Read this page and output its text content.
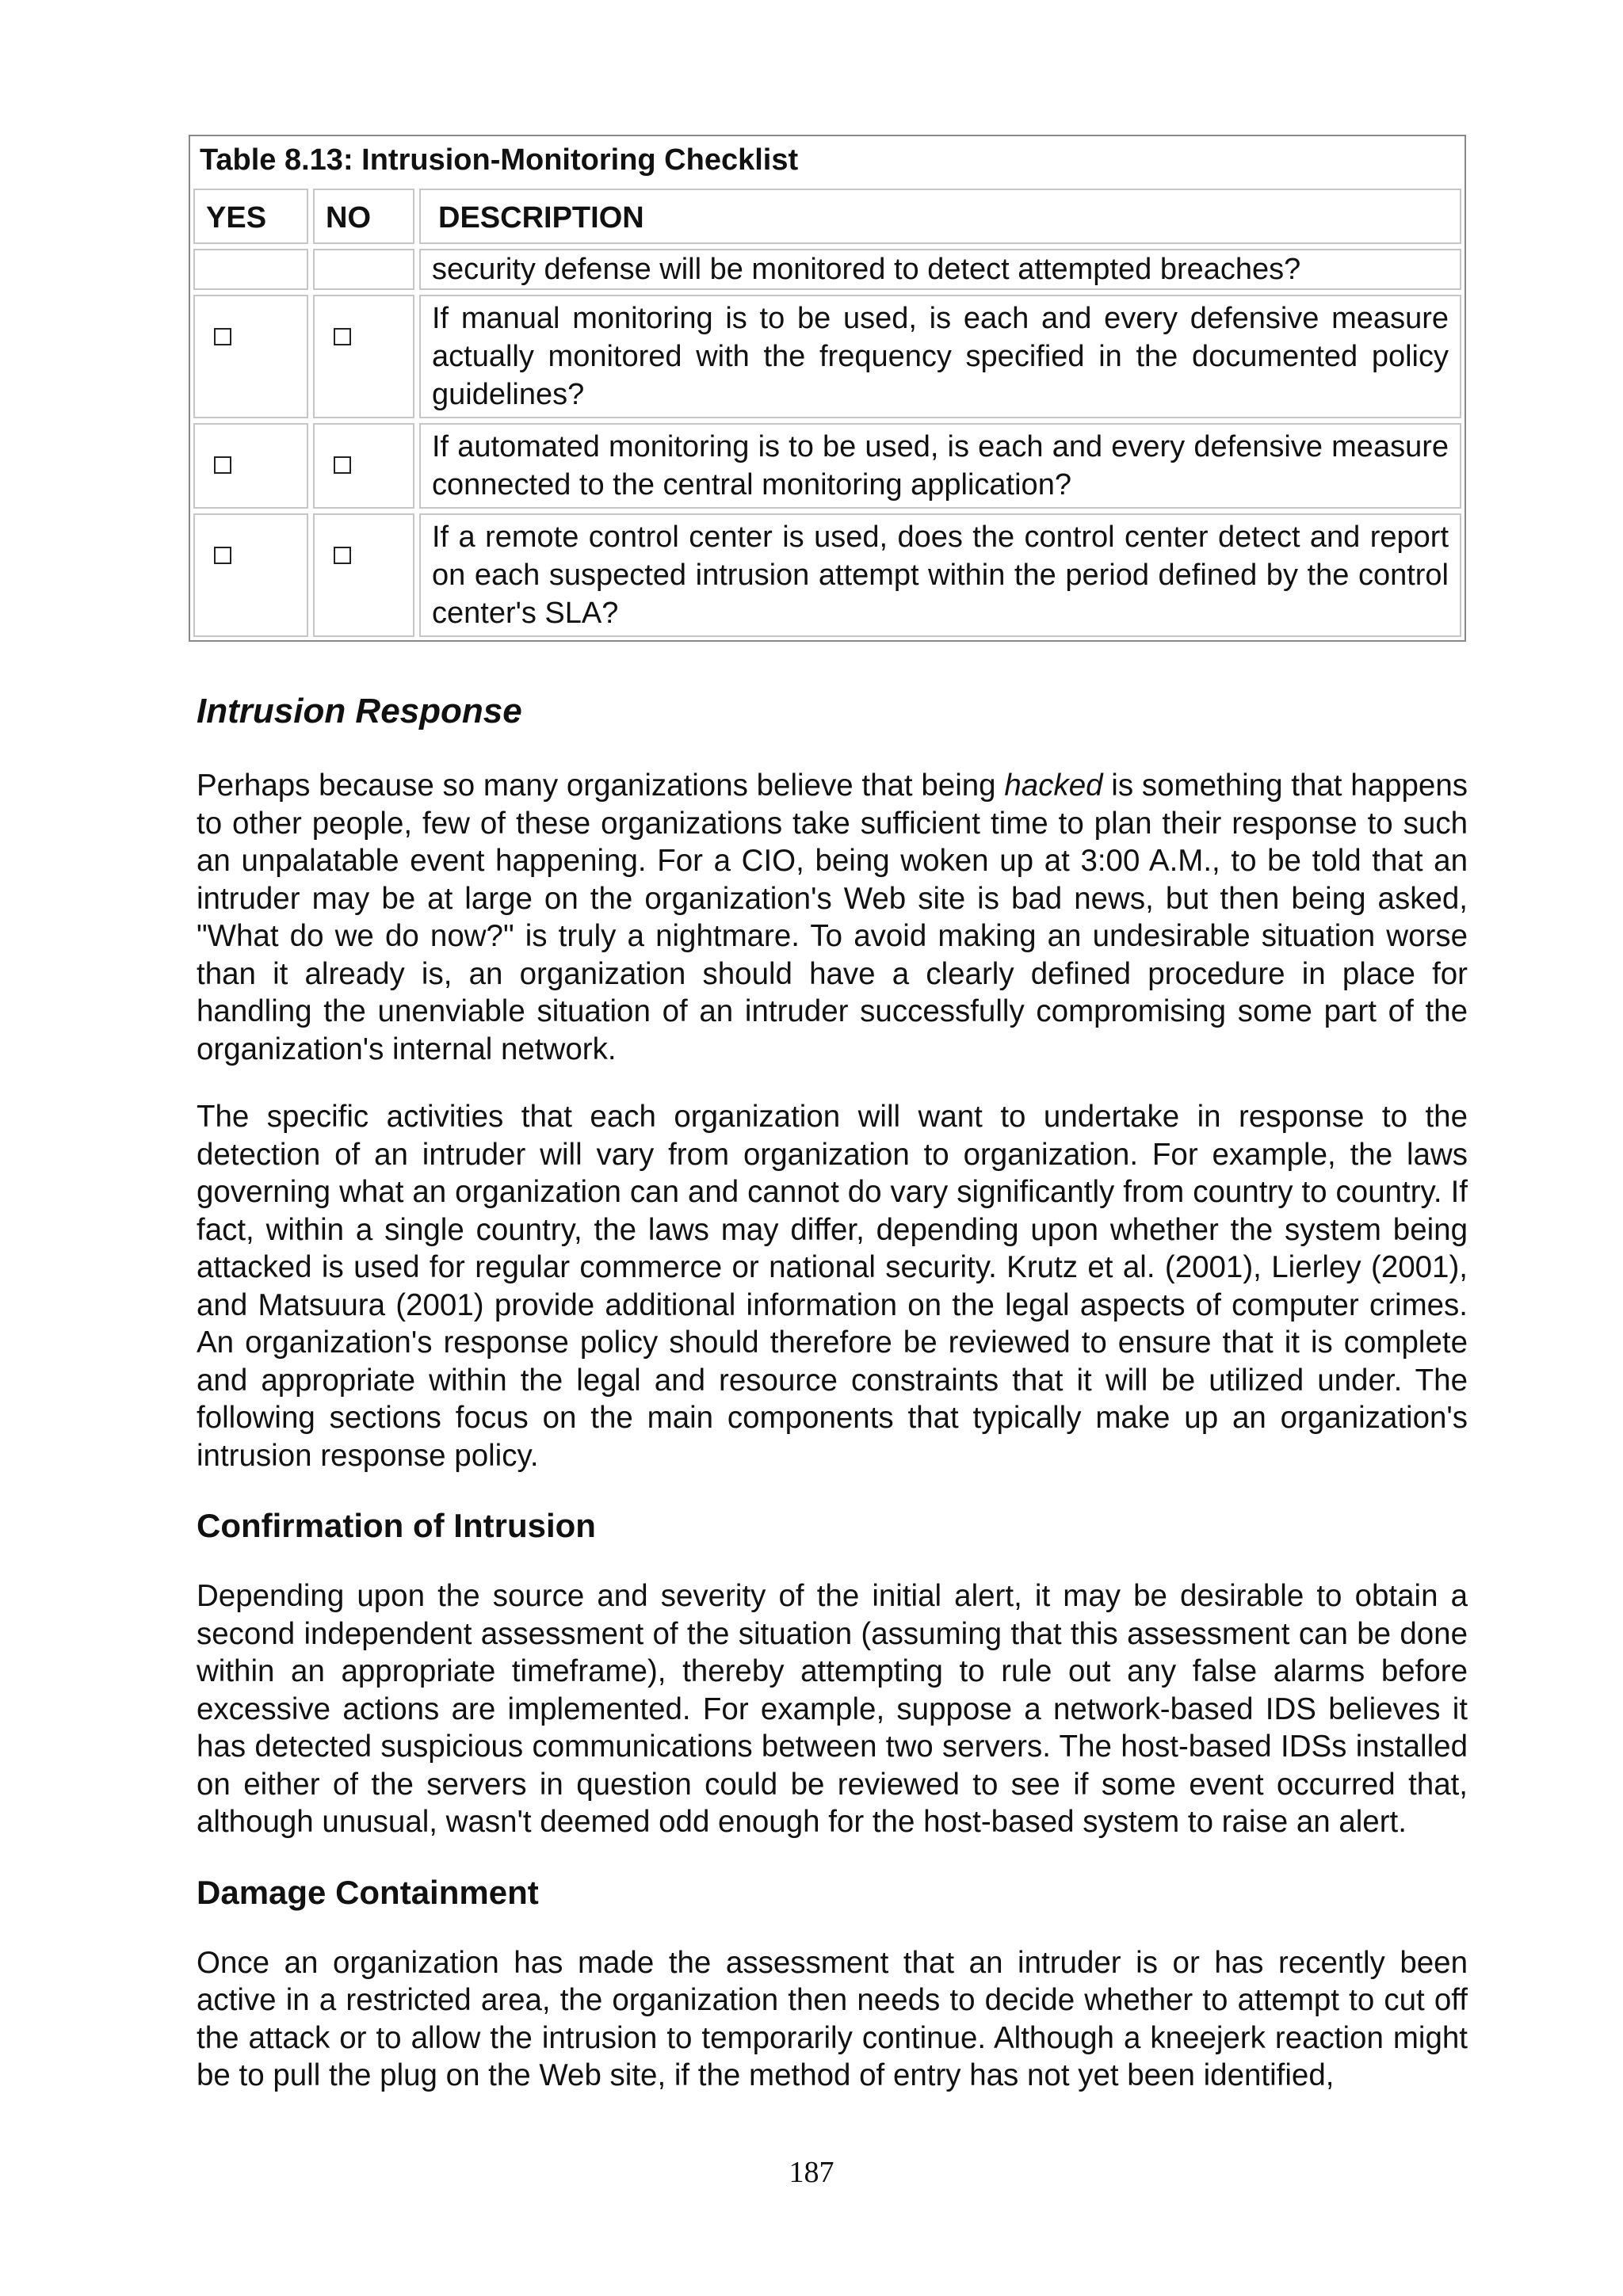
Table 8.13: Intrusion-Monitoring Checklist
YES	NO	DESCRIPTION
security defense will be monitored to detect attempted breaches?
If manual monitoring is to be used, is each and every defensive measure actually monitored with the frequency specified in the documented policy guidelines?
If automated monitoring is to be used, is each and every defensive measure connected to the central monitoring application?
If a remote control center is used, does the control center detect and report on each suspected intrusion attempt within the period defined by the control center's SLA?
Intrusion Response

Perhaps because so many organizations believe that being hacked is something that happens to other people, few of these organizations take sufficient time to plan their response to such an unpalatable event happening. For a CIO, being woken up at 3:00 A.M., to be told that an intruder may be at large on the organization's Web site is bad news, but then being asked, "What do we do now?" is truly a nightmare. To avoid making an undesirable situation worse than it already is, an organization should have a clearly defined procedure in place for handling the unenviable situation of an intruder successfully compromising some part of the organization's internal network.

The specific activities that each organization will want to undertake in response to the detection of an intruder will vary from organization to organization. For example, the laws governing what an organization can and cannot do vary significantly from country to country. If fact, within a single country, the laws may differ, depending upon whether the system being attacked is used for regular commerce or national security. Krutz et al. (2001), Lierley (2001), and Matsuura (2001) provide additional information on the legal aspects of computer crimes. An organization's response policy should therefore be reviewed to ensure that it is complete and appropriate within the legal and resource constraints that it will be utilized under. The following sections focus on the main components that typically make up an organization's intrusion response policy.

Confirmation of Intrusion

Depending upon the source and severity of the initial alert, it may be desirable to obtain a second independent assessment of the situation (assuming that this assessment can be done within an appropriate timeframe), thereby attempting to rule out any false alarms before excessive actions are implemented. For example, suppose a network-based IDS believes it has detected suspicious communications between two servers. The host-based IDSs installed on either of the servers in question could be reviewed to see if some event occurred that, although unusual, wasn't deemed odd enough for the host-based system to raise an alert.

Damage Containment

Once an organization has made the assessment that an intruder is or has recently been active in a restricted area, the organization then needs to decide whether to attempt to cut off the attack or to allow the intrusion to temporarily continue. Although a kneejerk reaction might be to pull the plug on the Web site, if the method of entry has not yet been identified,

187
